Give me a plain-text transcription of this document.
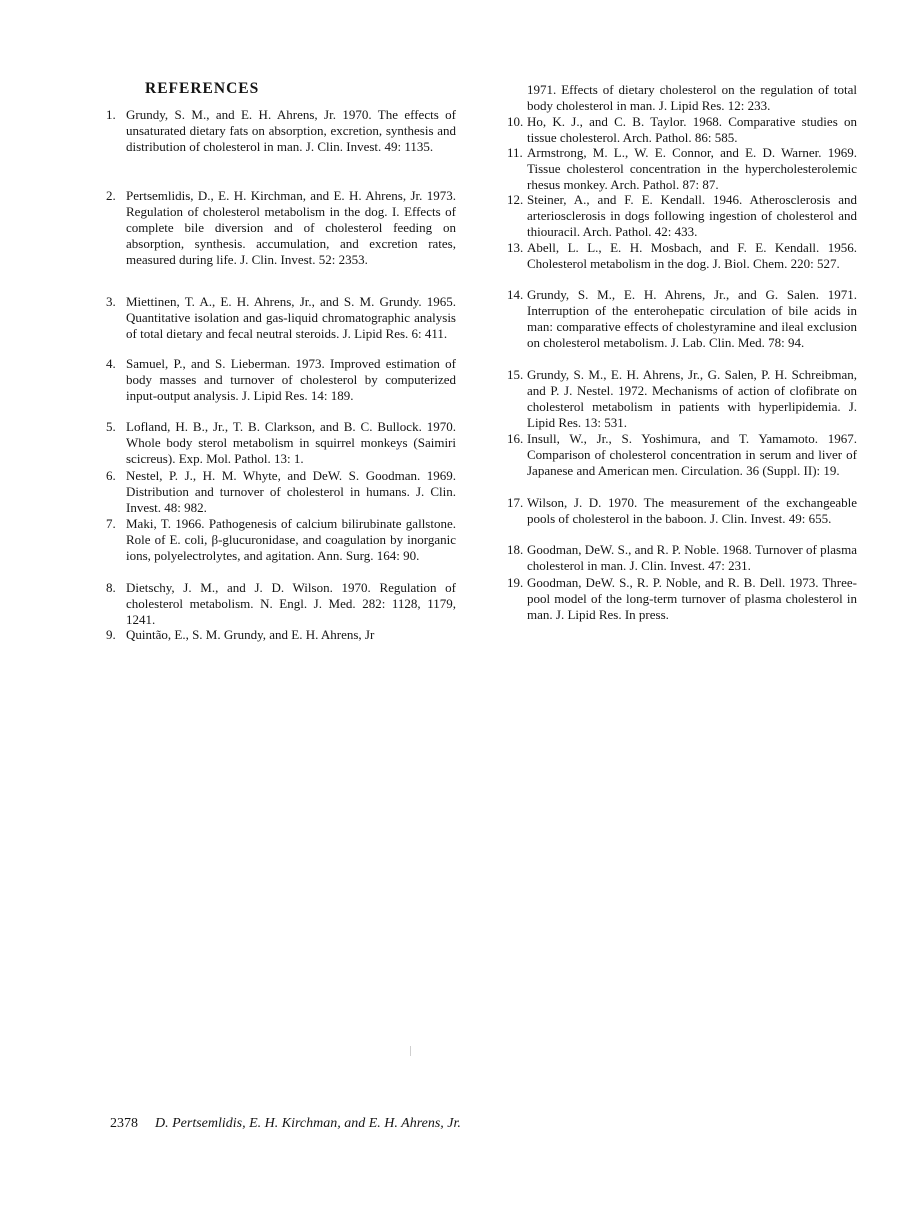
REFERENCES
1. Grundy, S. M., and E. H. Ahrens, Jr. 1970. The effects of unsaturated dietary fats on absorption, excretion, synthesis and distribution of cholesterol in man. J. Clin. Invest. 49: 1135.
2. Pertsemlidis, D., E. H. Kirchman, and E. H. Ahrens, Jr. 1973. Regulation of cholesterol metabolism in the dog. I. Effects of complete bile diversion and of cholesterol feeding on absorption, synthesis. accumulation, and excretion rates, measured during life. J. Clin. Invest. 52: 2353.
3. Miettinen, T. A., E. H. Ahrens, Jr., and S. M. Grundy. 1965. Quantitative isolation and gas-liquid chromatographic analysis of total dietary and fecal neutral steroids. J. Lipid Res. 6: 411.
4. Samuel, P., and S. Lieberman. 1973. Improved estimation of body masses and turnover of cholesterol by computerized input-output analysis. J. Lipid Res. 14: 189.
5. Lofland, H. B., Jr., T. B. Clarkson, and B. C. Bullock. 1970. Whole body sterol metabolism in squirrel monkeys (Saimiri scicreus). Exp. Mol. Pathol. 13: 1.
6. Nestel, P. J., H. M. Whyte, and DeW. S. Goodman. 1969. Distribution and turnover of cholesterol in humans. J. Clin. Invest. 48: 982.
7. Maki, T. 1966. Pathogenesis of calcium bilirubinate gallstone. Role of E. coli, β-glucuronidase, and coagulation by inorganic ions, polyelectrolytes, and agitation. Ann. Surg. 164: 90.
8. Dietschy, J. M., and J. D. Wilson. 1970. Regulation of cholesterol metabolism. N. Engl. J. Med. 282: 1128, 1179, 1241.
9. Quintão, E., S. M. Grundy, and E. H. Ahrens, Jr
1971. Effects of dietary cholesterol on the regulation of total body cholesterol in man. J. Lipid Res. 12: 233.
10. Ho, K. J., and C. B. Taylor. 1968. Comparative studies on tissue cholesterol. Arch. Pathol. 86: 585.
11. Armstrong, M. L., W. E. Connor, and E. D. Warner. 1969. Tissue cholesterol concentration in the hypercholesterolemic rhesus monkey. Arch. Pathol. 87: 87.
12. Steiner, A., and F. E. Kendall. 1946. Atherosclerosis and arteriosclerosis in dogs following ingestion of cholesterol and thiouracil. Arch. Pathol. 42: 433.
13. Abell, L. L., E. H. Mosbach, and F. E. Kendall. 1956. Cholesterol metabolism in the dog. J. Biol. Chem. 220: 527.
14. Grundy, S. M., E. H. Ahrens, Jr., and G. Salen. 1971. Interruption of the enterohepatic circulation of bile acids in man: comparative effects of cholestyramine and ileal exclusion on cholesterol metabolism. J. Lab. Clin. Med. 78: 94.
15. Grundy, S. M., E. H. Ahrens, Jr., G. Salen, P. H. Schreibman, and P. J. Nestel. 1972. Mechanisms of action of clofibrate on cholesterol metabolism in patients with hyperlipidemia. J. Lipid Res. 13: 531.
16. Insull, W., Jr., S. Yoshimura, and T. Yamamoto. 1967. Comparison of cholesterol concentration in serum and liver of Japanese and American men. Circulation. 36 (Suppl. II): 19.
17. Wilson, J. D. 1970. The measurement of the exchangeable pools of cholesterol in the baboon. J. Clin. Invest. 49: 655.
18. Goodman, DeW. S., and R. P. Noble. 1968. Turnover of plasma cholesterol in man. J. Clin. Invest. 47: 231.
19. Goodman, DeW. S., R. P. Noble, and R. B. Dell. 1973. Three-pool model of the long-term turnover of plasma cholesterol in man. J. Lipid Res. In press.
2378 D. Pertsemlidis, E. H. Kirchman, and E. H. Ahrens, Jr.
